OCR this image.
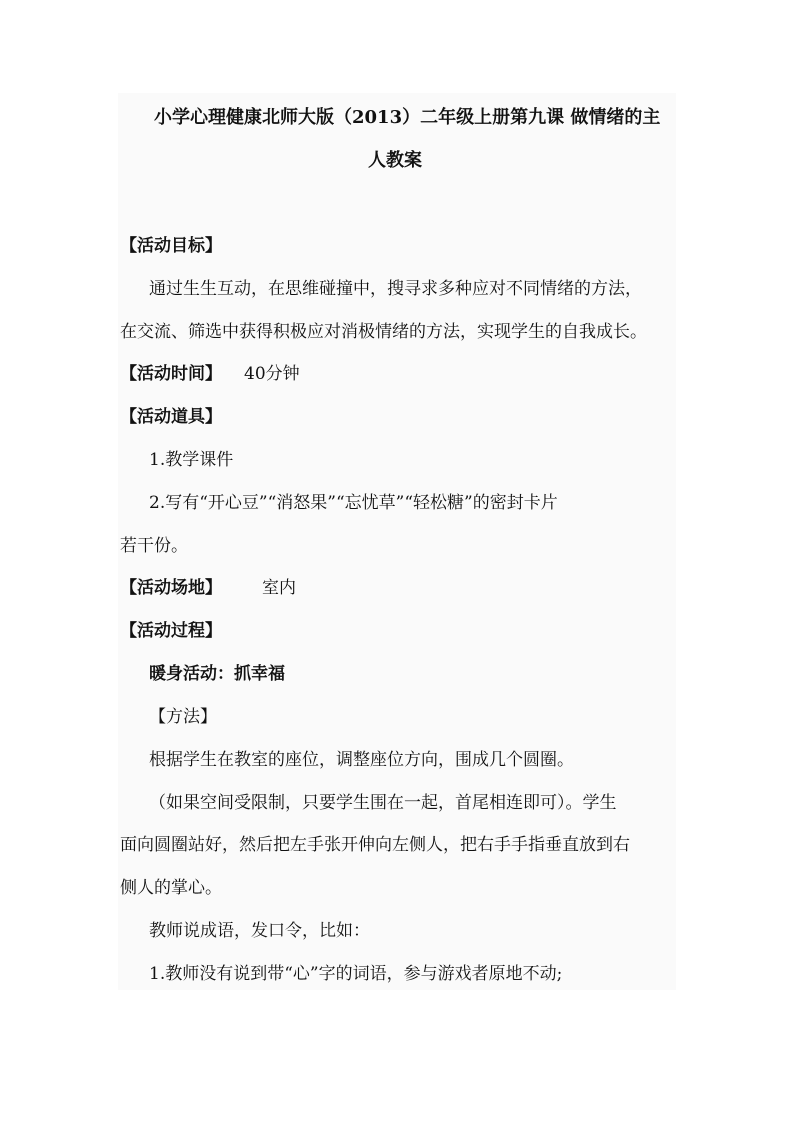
小学心理健康北师大版（2013）二年级上册第九课 做情绪的主
人教案
【活动目标】
通过生生互动，在思维碰撞中，搜寻求多种应对不同情绪的方法，
在交流、筛选中获得积极应对消极情绪的方法，实现学生的自我成长。
【活动时间】 40分钟
【活动道具】
1.教学课件
2.写有“开心豆”“消怒果”“忘忧草”“轻松糖”的密封卡片
若干份。
【活动场地】 室内
【活动过程】
暖身活动：抓幸福
【方法】
根据学生在教室的座位，调整座位方向，围成几个圆圈。
（如果空间受限制，只要学生围在一起，首尾相连即可）。学生
面向圆圈站好，然后把左手张开伸向左侧人，把右手手指垂直放到右
侧人的掌心。
教师说成语，发口令，比如：
1.教师没有说到带“心”字的词语，参与游戏者原地不动;
